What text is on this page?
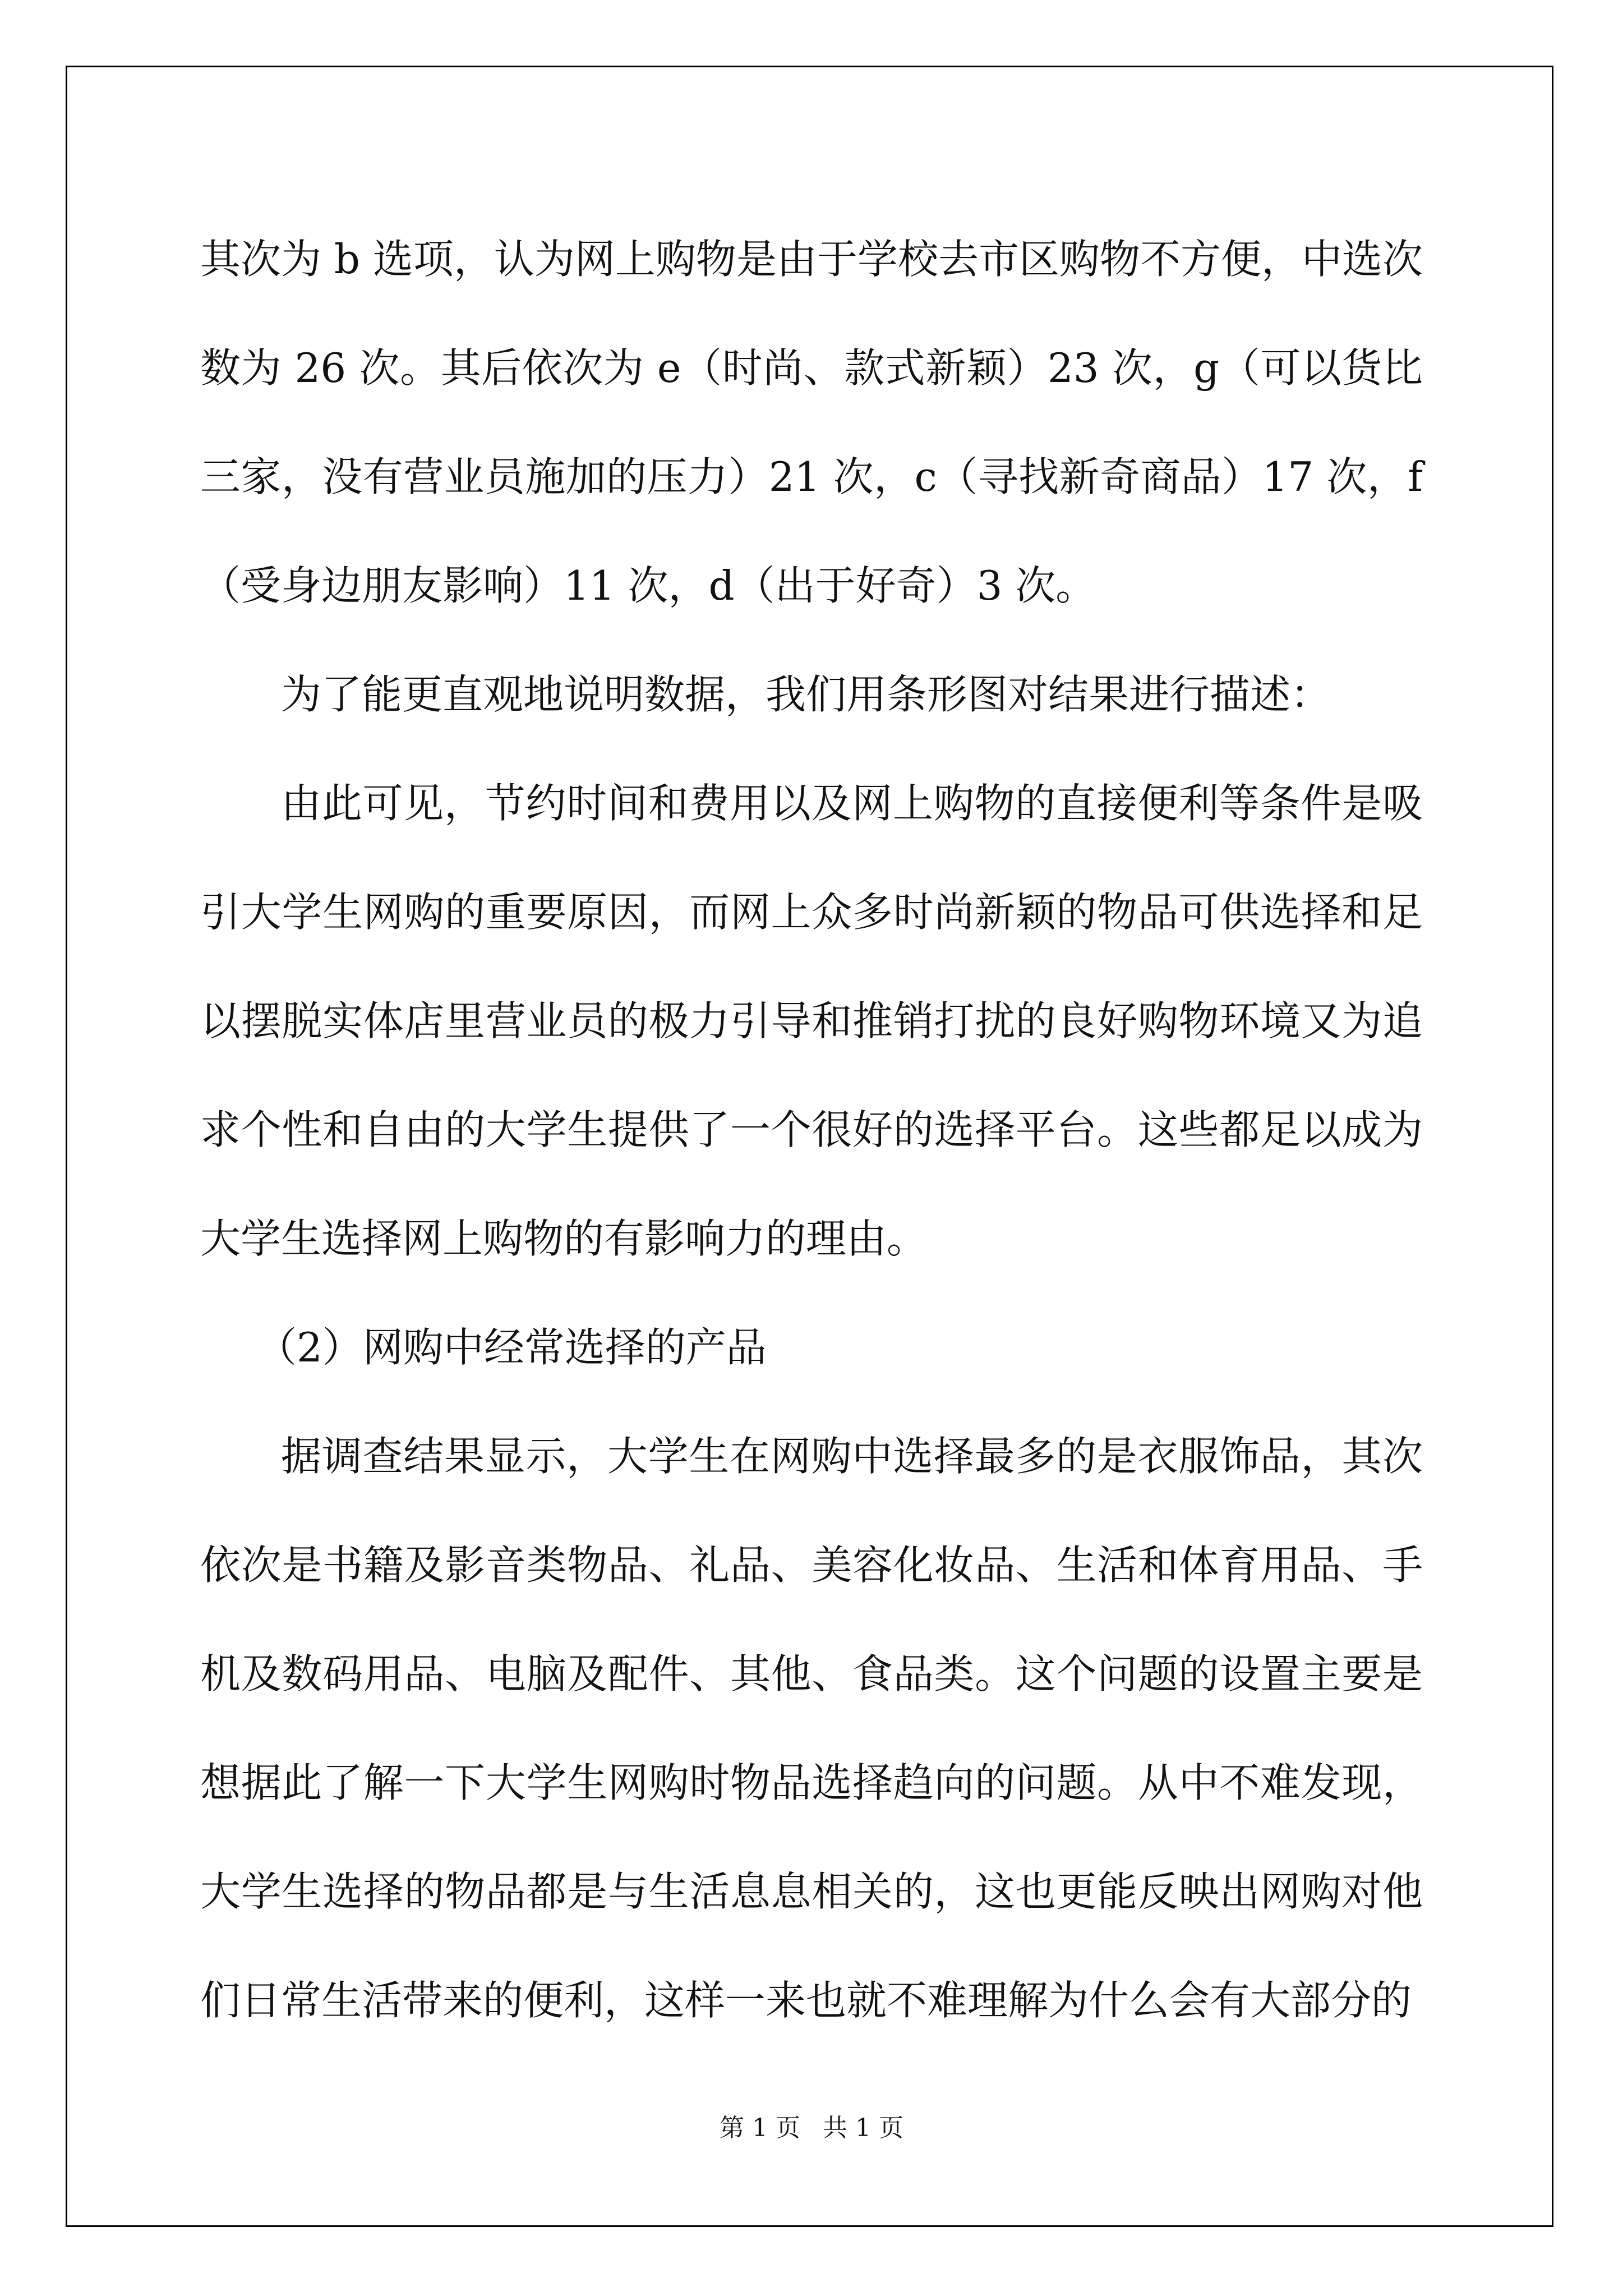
其次为 b 选项，认为网上购物是由于学校去市区购物不方便，中选次数为 26 次。其后依次为 e（时尚、款式新颖）23 次，g（可以货比三家，没有营业员施加的压力）21 次，c（寻找新奇商品）17 次，f（受身边朋友影响）11 次，d（出于好奇）3 次。

为了能更直观地说明数据，我们用条形图对结果进行描述：

由此可见，节约时间和费用以及网上购物的直接便利等条件是吸引大学生网购的重要原因，而网上众多时尚新颖的物品可供选择和足以摆脱实体店里营业员的极力引导和推销打扰的良好购物环境又为追求个性和自由的大学生提供了一个很好的选择平台。这些都足以成为大学生选择网上购物的有影响力的理由。

（2）网购中经常选择的产品

据调查结果显示，大学生在网购中选择最多的是衣服饰品，其次依次是书籍及影音类物品、礼品、美容化妆品、生活和体育用品、手机及数码用品、电脑及配件、其他、食品类。这个问题的设置主要是想据此了解一下大学生网购时物品选择趋向的问题。从中不难发现，大学生选择的物品都是与生活息息相关的，这也更能反映出网购对他们日常生活带来的便利，这样一来也就不难理解为什么会有大部分的

第 1 页 共 1 页
